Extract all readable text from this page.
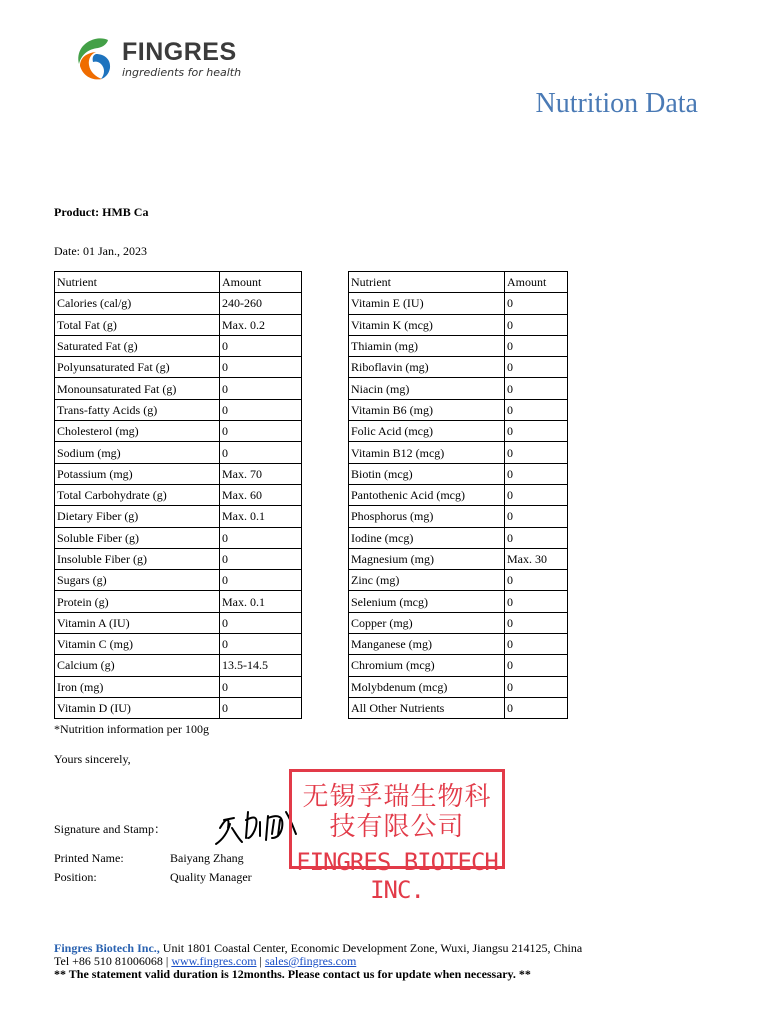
FINGRES
ingredients for health
Nutrition Data
Product: HMB Ca
Date: 01 Jan., 2023
Nutrient	Amount
Calories (cal/g)	240-260
Total Fat (g)	Max. 0.2
Saturated Fat (g)	0
Polyunsaturated Fat (g)	0
Monounsaturated Fat (g)	0
Trans-fatty Acids (g)	0
Cholesterol (mg)	0
Sodium (mg)	0
Potassium (mg)	Max. 70
Total Carbohydrate (g)	Max. 60
Dietary Fiber (g)	Max. 0.1
Soluble Fiber (g)	0
Insoluble Fiber (g)	0
Sugars (g)	0
Protein (g)	Max. 0.1
Vitamin A (IU)	0
Vitamin C (mg)	0
Calcium (g)	13.5-14.5
Iron (mg)	0
Vitamin D (IU)	0
Nutrient	Amount
Vitamin E (IU)	0
Vitamin K (mcg)	0
Thiamin (mg)	0
Riboflavin (mg)	0
Niacin (mg)	0
Vitamin B6 (mg)	0
Folic Acid (mcg)	0
Vitamin B12 (mcg)	0
Biotin (mcg)	0
Pantothenic Acid (mcg)	0
Phosphorus (mg)	0
Iodine (mcg)	0
Magnesium (mg)	Max. 30
Zinc (mg)	0
Selenium (mcg)	0
Copper (mg)	0
Manganese (mg)	0
Chromium (mcg)	0
Molybdenum (mcg)	0
All Other Nutrients	0
*Nutrition information per 100g
Yours sincerely,
Signature and Stamp：
无锡孚瑞生物科技有限公司
FINGRES BIOTECH INC.
Printed Name:	Baiyang Zhang
Position:	Quality Manager
Fingres Biotech Inc., Unit 1801 Coastal Center, Economic Development Zone, Wuxi, Jiangsu 214125, China
Tel +86 510 81006068 | www.fingres.com | sales@fingres.com
** The statement valid duration is 12months. Please contact us for update when necessary. **
